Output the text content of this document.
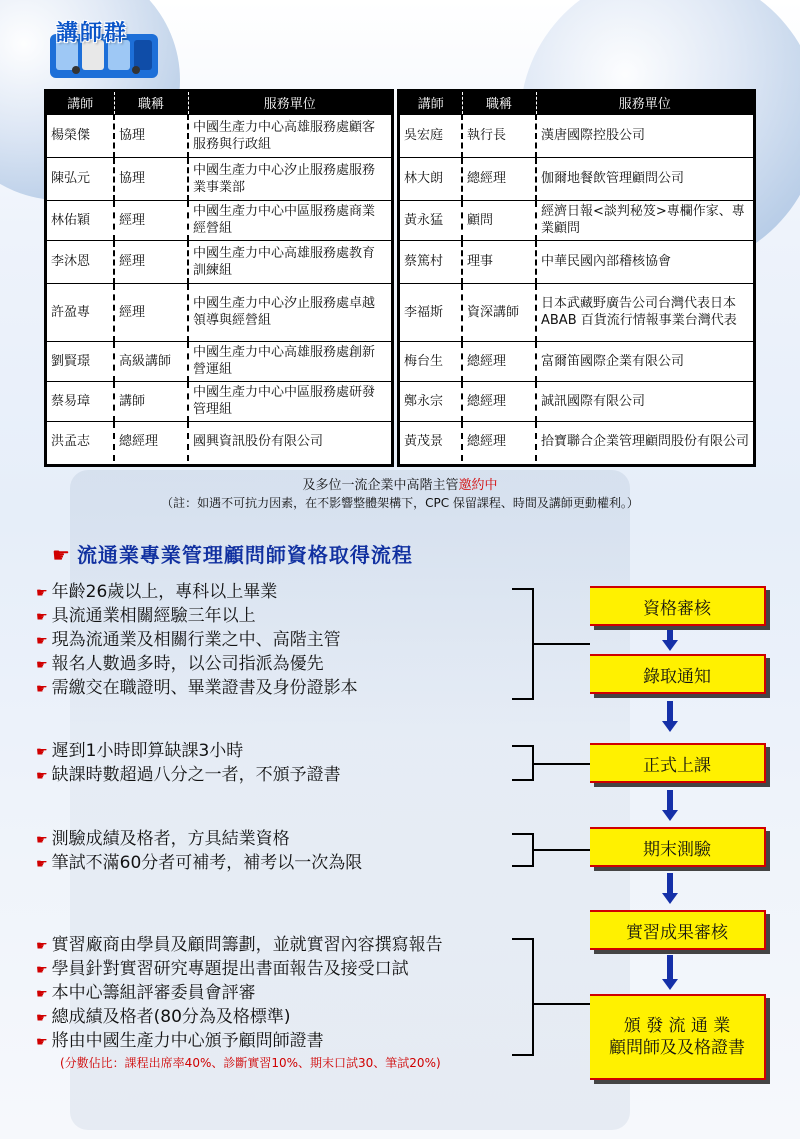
講師群
講師	職稱	服務單位
楊榮傑	協理	中國生產力中心高雄服務處顧客服務與行政組
陳弘元	協理	中國生產力中心汐止服務處服務業事業部
林佑穎	經理	中國生產力中心中區服務處商業經營組
李沐恩	經理	中國生產力中心高雄服務處教育訓練組
許盈專	經理	中國生產力中心汐止服務處卓越領導與經營組
劉賢璟	高級講師	中國生產力中心高雄服務處創新營運組
蔡易璋	講師	中國生產力中心中區服務處研發管理組
洪孟志	總經理	國興資訊股份有限公司
講師	職稱	服務單位
吳宏庭	執行長	漢唐國際控股公司
林大朗	總經理	伽爾地餐飲管理顧問公司
黃永猛	顧問	經濟日報<談判秘笈>專欄作家、專業顧問
蔡篤村	理事	中華民國內部稽核協會
李福斯	資深講師	日本武藏野廣告公司台灣代表日本 ABAB 百貨流行情報事業台灣代表
梅台生	總經理	富爾笛國際企業有限公司
鄭永宗	總經理	誠訊國際有限公司
黃茂景	總經理	拾寶聯合企業管理顧問股份有限公司
及多位一流企業中高階主管邀約中
（註：如遇不可抗力因素，在不影響整體架構下，CPC 保留課程、時間及講師更動權利。）
☛ 流通業專業管理顧問師資格取得流程
☛ 年齡26歲以上，專科以上畢業
☛ 具流通業相關經驗三年以上
☛ 現為流通業及相關行業之中、高階主管
☛ 報名人數過多時，以公司指派為優先
☛ 需繳交在職證明、畢業證書及身份證影本
☛ 遲到1小時即算缺課3小時
☛ 缺課時數超過八分之一者，不頒予證書
☛ 測驗成績及格者，方具結業資格
☛ 筆試不滿60分者可補考，補考以一次為限
☛ 實習廠商由學員及顧問籌劃，並就實習內容撰寫報告
☛ 學員針對實習研究專題提出書面報告及接受口試
☛ 本中心籌組評審委員會評審
☛ 總成績及格者(80分為及格標準)
☛ 將由中國生產力中心頒予顧問師證書
(分數佔比：課程出席率40%、診斷實習10%、期末口試30、筆試20%)
資格審核
錄取通知
正式上課
期末測驗
實習成果審核
頒 發 流 通 業
顧問師及及格證書
